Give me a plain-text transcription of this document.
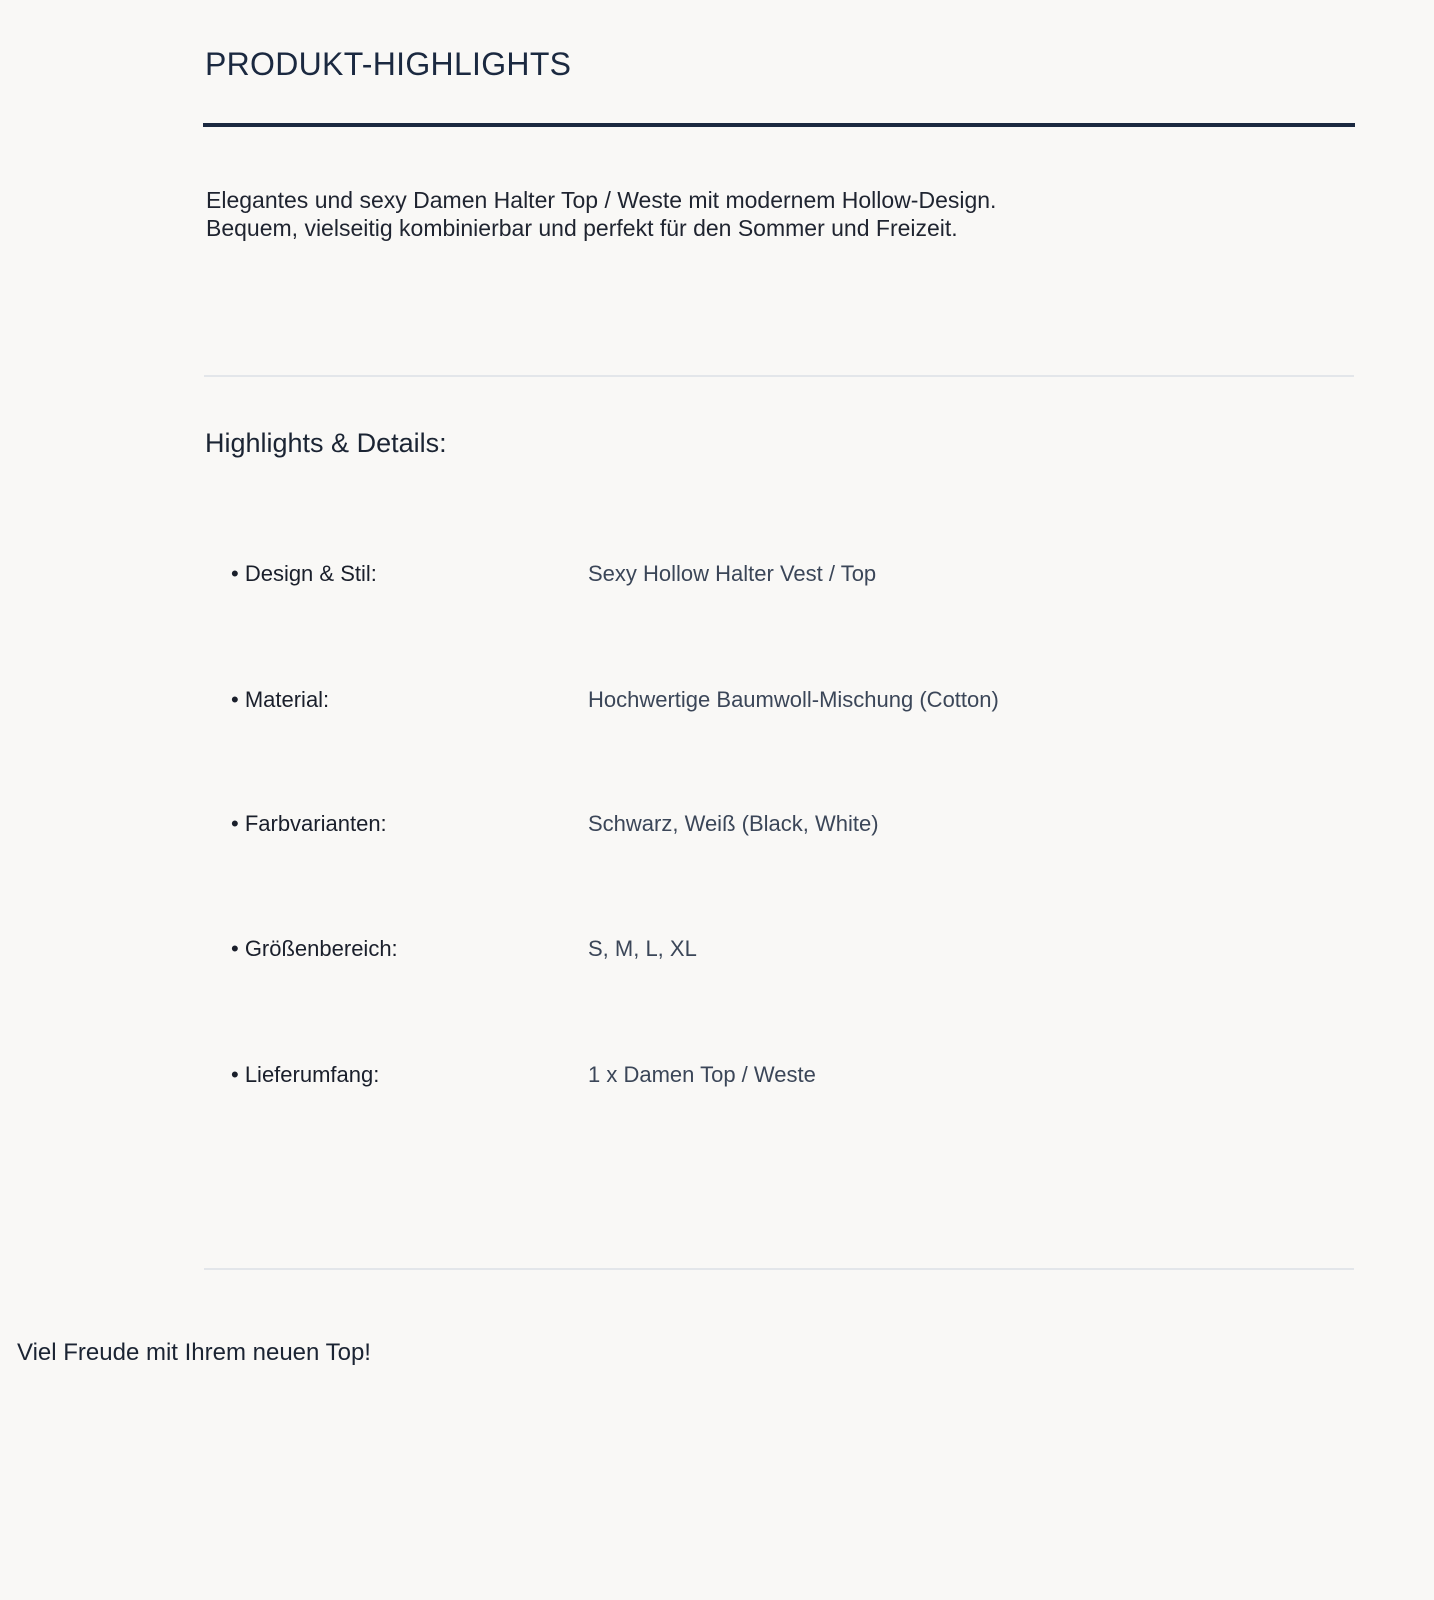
PRODUKT-HIGHLIGHTS

Elegantes und sexy Damen Halter Top / Weste mit modernem Hollow-Design.
Bequem, vielseitig kombinierbar und perfekt für den Sommer und Freizeit.

Highlights & Details:
• Design & Stil:	Sexy Hollow Halter Vest / Top
• Material:	Hochwertige Baumwoll-Mischung (Cotton)
• Farbvarianten:	Schwarz, Weiß (Black, White)
• Größenbereich:	S, M, L, XL
• Lieferumfang:	1 x Damen Top / Weste

Viel Freude mit Ihrem neuen Top!
